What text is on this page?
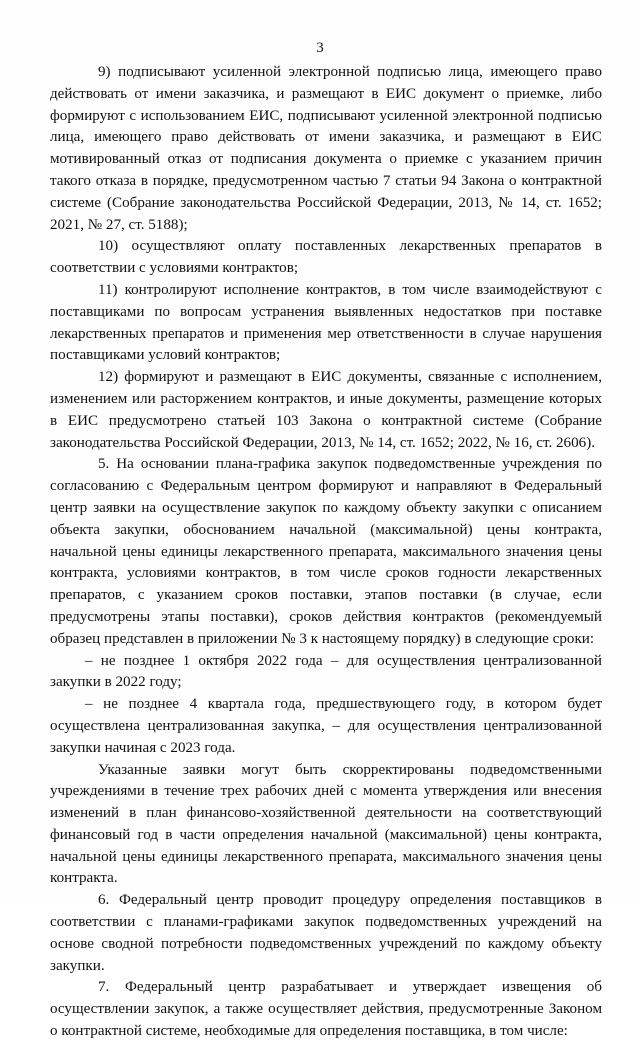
3

9) подписывают усиленной электронной подписью лица, имеющего право действовать от имени заказчика, и размещают в ЕИС документ о приемке, либо формируют с использованием ЕИС, подписывают усиленной электронной подписью лица, имеющего право действовать от имени заказчика, и размещают в ЕИС мотивированный отказ от подписания документа о приемке с указанием причин такого отказа в порядке, предусмотренном частью 7 статьи 94 Закона о контрактной системе (Собрание законодательства Российской Федерации, 2013, № 14, ст. 1652; 2021, № 27, ст. 5188);

10) осуществляют оплату поставленных лекарственных препаратов в соответствии с условиями контрактов;

11) контролируют исполнение контрактов, в том числе взаимодействуют с поставщиками по вопросам устранения выявленных недостатков при поставке лекарственных препаратов и применения мер ответственности в случае нарушения поставщиками условий контрактов;

12) формируют и размещают в ЕИС документы, связанные с исполнением, изменением или расторжением контрактов, и иные документы, размещение которых в ЕИС предусмотрено статьей 103 Закона о контрактной системе (Собрание законодательства Российской Федерации, 2013, № 14, ст. 1652; 2022, № 16, ст. 2606).

5. На основании плана-графика закупок подведомственные учреждения по согласованию с Федеральным центром формируют и направляют в Федеральный центр заявки на осуществление закупок по каждому объекту закупки с описанием объекта закупки, обоснованием начальной (максимальной) цены контракта, начальной цены единицы лекарственного препарата, максимального значения цены контракта, условиями контрактов, в том числе сроков годности лекарственных препаратов, с указанием сроков поставки, этапов поставки (в случае, если предусмотрены этапы поставки), сроков действия контрактов (рекомендуемый образец представлен в приложении № 3 к настоящему порядку) в следующие сроки:

– не позднее 1 октября 2022 года – для осуществления централизованной закупки в 2022 году;

– не позднее 4 квартала года, предшествующего году, в котором будет осуществлена централизованная закупка, – для осуществления централизованной закупки начиная с 2023 года.

Указанные заявки могут быть скорректированы подведомственными учреждениями в течение трех рабочих дней с момента утверждения или внесения изменений в план финансово-хозяйственной деятельности на соответствующий финансовый год в части определения начальной (максимальной) цены контракта, начальной цены единицы лекарственного препарата, максимального значения цены контракта.

6. Федеральный центр проводит процедуру определения поставщиков в соответствии с планами-графиками закупок подведомственных учреждений на основе сводной потребности подведомственных учреждений по каждому объекту закупки.

7. Федеральный центр разрабатывает и утверждает извещения об осуществлении закупок, а также осуществляет действия, предусмотренные Законом о контрактной системе, необходимые для определения поставщика, в том числе:
